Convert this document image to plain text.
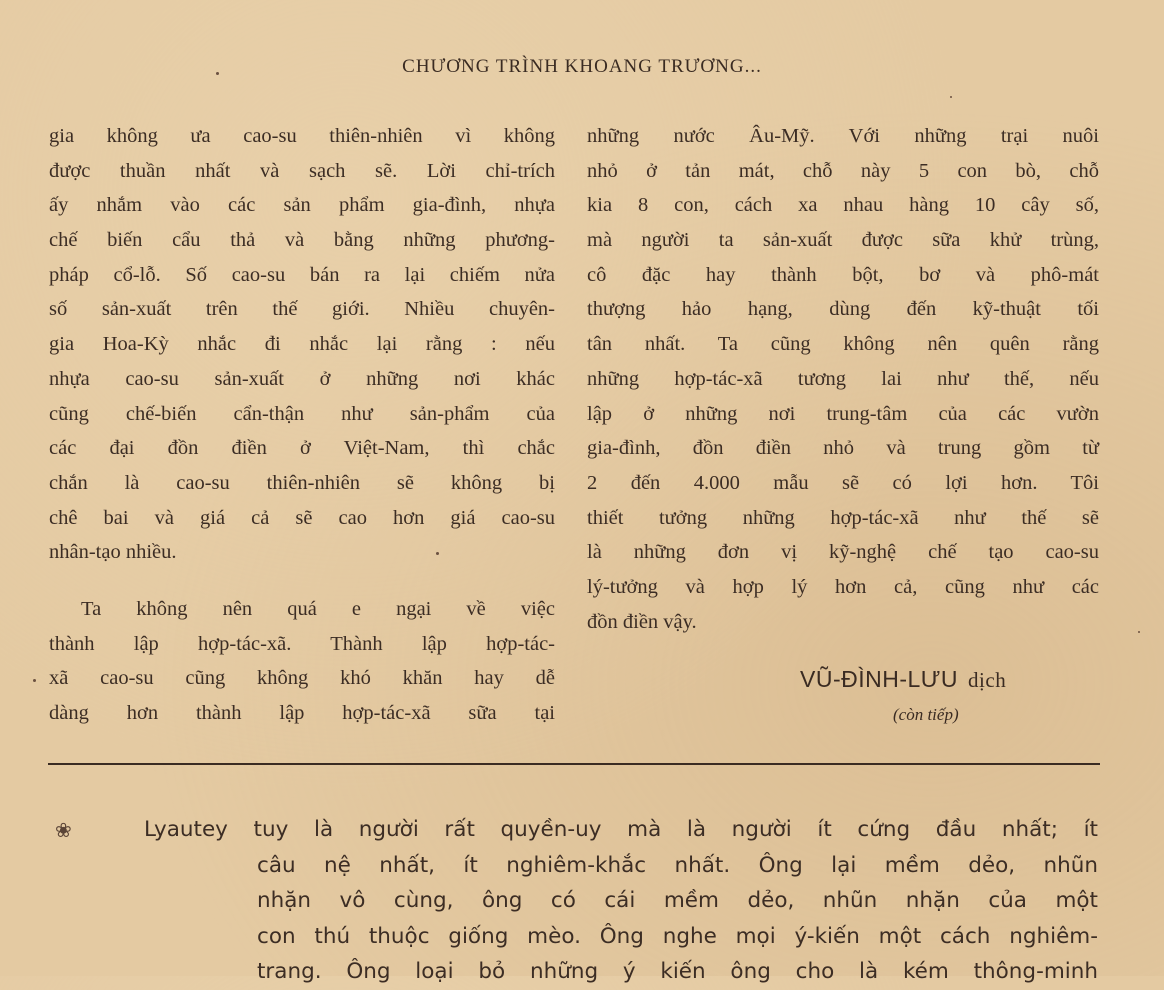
CHƯƠNG TRÌNH KHOANG TRƯƠNG...
gia không ưa cao-su thiên-nhiên vì không
được thuần nhất và sạch sẽ. Lời chỉ-trích
ấy nhắm vào các sản phẩm gia-đình, nhựa
chế biến cẩu thả và bằng những phương-
pháp cổ-lỗ. Số cao-su bán ra lại chiếm nửa
số sản-xuất trên thế giới. Nhiều chuyên-
gia Hoa-Kỳ nhắc đi nhắc lại rằng : nếu
nhựa cao-su sản-xuất ở những nơi khác
cũng chế-biến cẩn-thận như sản-phẩm của
các đại đồn điền ở Việt-Nam, thì chắc
chắn là cao-su thiên-nhiên sẽ không bị
chê bai và giá cả sẽ cao hơn giá cao-su
nhân-tạo nhiều.
Ta không nên quá e ngại về việc
thành lập hợp-tác-xã. Thành lập hợp-tác-
xã cao-su cũng không khó khăn hay dễ
dàng hơn thành lập hợp-tác-xã sữa tại
những nước Âu-Mỹ. Với những trại nuôi
nhỏ ở tản mát, chỗ này 5 con bò, chỗ
kia 8 con, cách xa nhau hàng 10 cây số,
mà người ta sản-xuất được sữa khử trùng,
cô đặc hay thành bột, bơ và phô-mát
thượng hảo hạng, dùng đến kỹ-thuật tối
tân nhất. Ta cũng không nên quên rằng
những hợp-tác-xã tương lai như thế, nếu
lập ở những nơi trung-tâm của các vườn
gia-đình, đồn điền nhỏ và trung gồm từ
2 đến 4.000 mẫu sẽ có lợi hơn. Tôi
thiết tưởng những hợp-tác-xã như thế sẽ
là những đơn vị kỹ-nghệ chế tạo cao-su
lý-tưởng và hợp lý hơn cả, cũng như các
đồn điền vậy.
VŨ-ĐÌNH-LƯU dịch
(còn tiếp)
❀	Lyautey tuy là người rất quyền-uy mà là người ít cứng đầu nhất; ít
câu nệ nhất, ít nghiêm-khắc nhất. Ông lại mềm dẻo, nhũn
nhặn vô cùng, ông có cái mềm dẻo, nhũn nhặn của một
con thú thuộc giống mèo. Ông nghe mọi ý-kiến một cách nghiêm-
trang. Ông loại bỏ những ý kiến ông cho là kém thông-minh
